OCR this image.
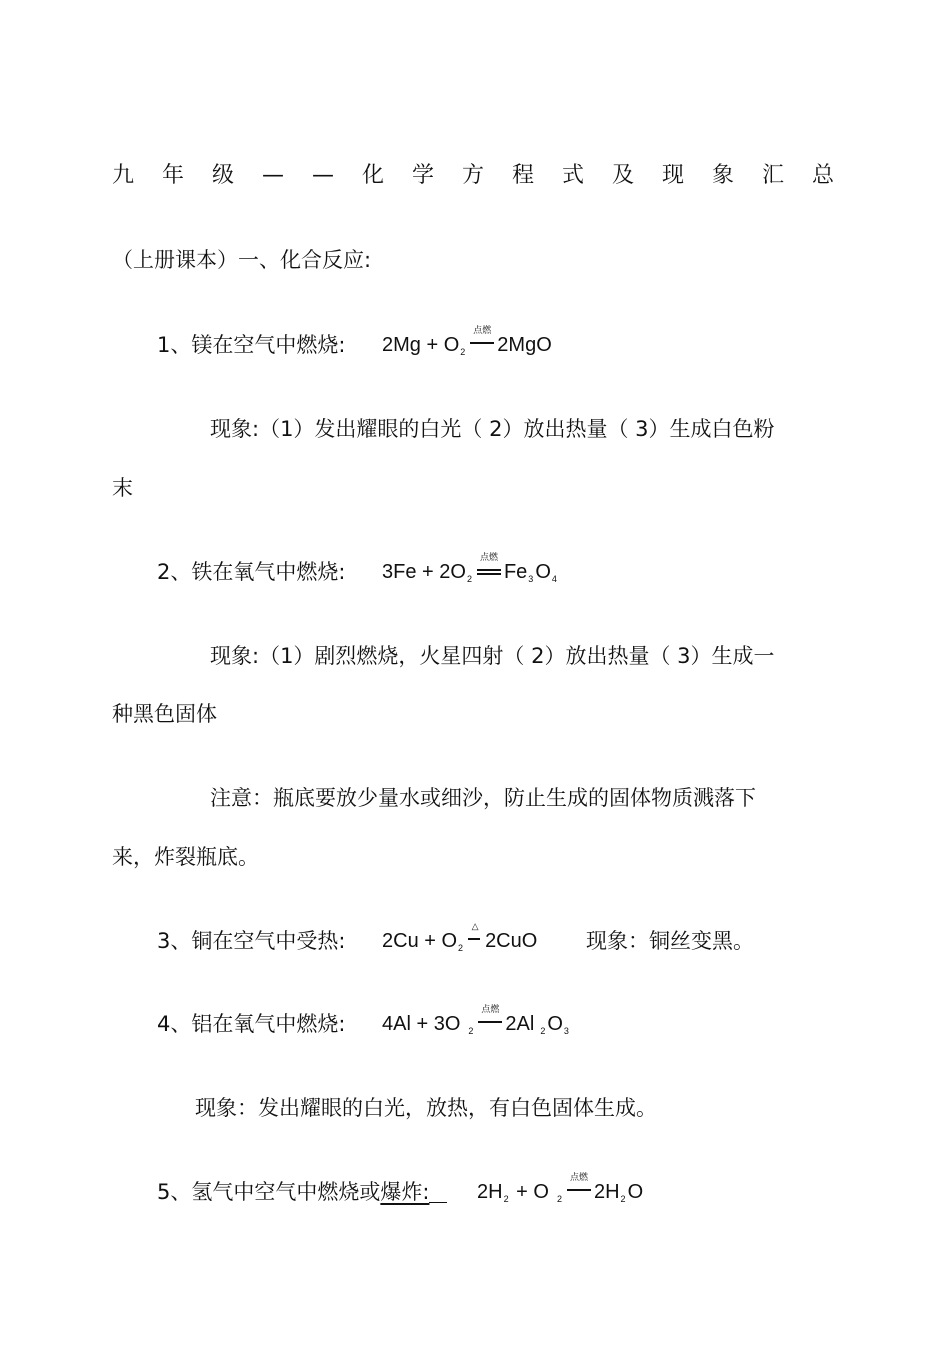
九 年 级 — — 化 学 方 程 式 及 现 象 汇 总
（上册课本）一、化合反应:
1、镁在空气中燃烧: 2Mg + O2
点燃
2MgO
现象:（1）发出耀眼的白光（ 2）放出热量（ 3）生成白色粉
末
2、铁在氧气中燃烧: 3Fe + 2O2
点燃
Fe3 O4
现象:（1）剧烈燃烧，火星四射（ 2）放出热量（ 3）生成一
种黑色固体
注意：瓶底要放少量水或细沙，防止生成的固体物质溅落下
来，炸裂瓶底。
3、铜在空气中受热: 2Cu + O2
△
2CuO 现象：铜丝变黑。
4、铝在氧气中燃烧: 4Al + 3O 2
点燃
2Al 2 O3
现象：发出耀眼的白光，放热，有白色固体生成。
5、氢气中空气中燃烧或爆炸:	2H2 + O 2
点燃
2H2 O
